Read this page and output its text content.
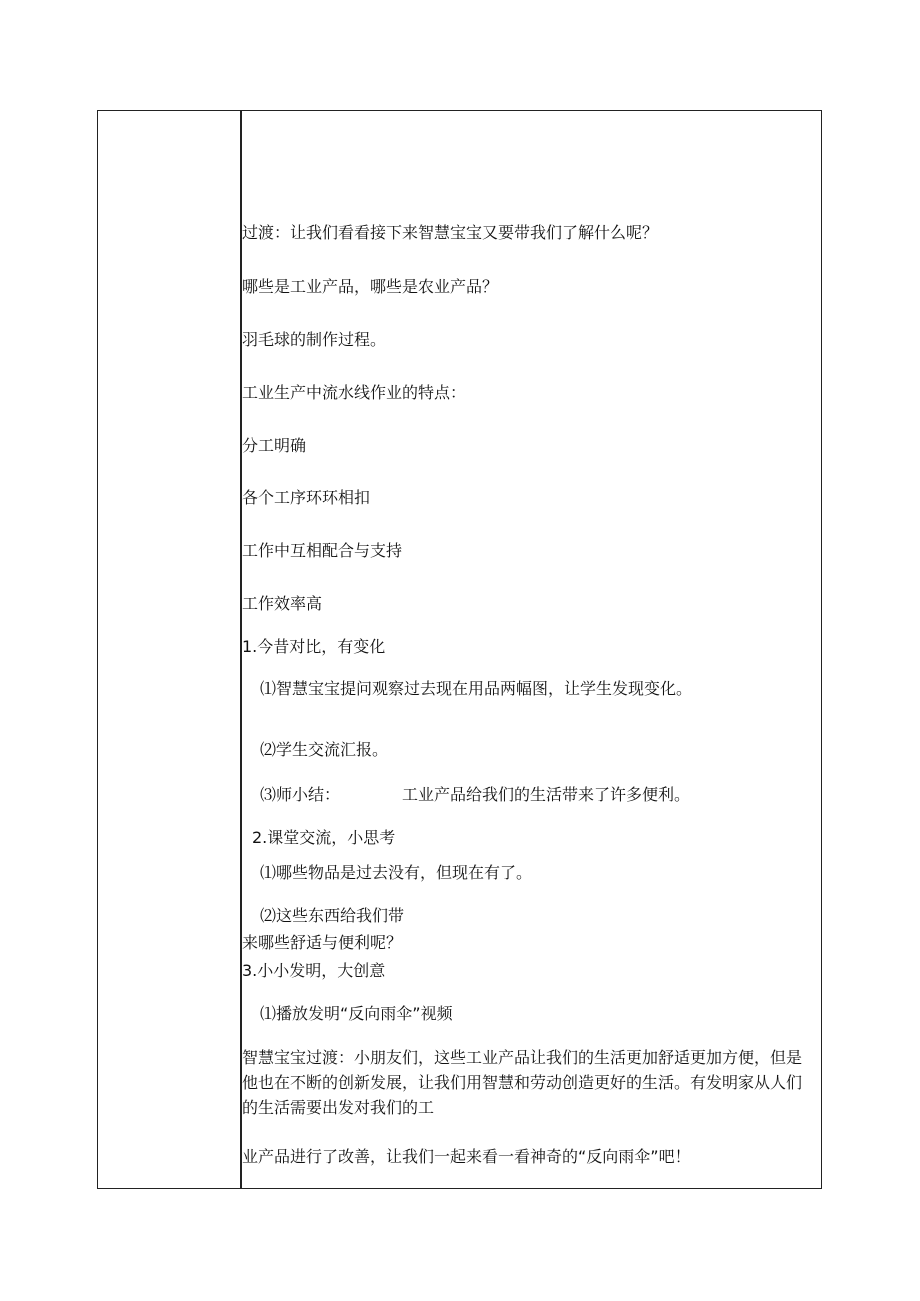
过渡：让我们看看接下来智慧宝宝又要带我们了解什么呢？
哪些是工业产品，哪些是农业产品？
羽毛球的制作过程。
工业生产中流水线作业的特点：
分工明确
各个工序环环相扣
工作中互相配合与支持
工作效率高
1.今昔对比，有变化
⑴智慧宝宝提问观察过去现在用品两幅图，让学生发现变化。
⑵学生交流汇报。
⑶师小结：	工业产品给我们的生活带来了许多便利。
2.课堂交流，小思考
⑴哪些物品是过去没有，但现在有了。
⑵这些东西给我们带
来哪些舒适与便利呢？
3.小小发明，大创意
⑴播放发明“反向雨伞”视频
智慧宝宝过渡：小朋友们，这些工业产品让我们的生活更加舒适更加方便，但是他也在不断的创新发展，让我们用智慧和劳动创造更好的生活。有发明家从人们的生活需要出发对我们的工
业产品进行了改善，让我们一起来看一看神奇的“反向雨伞”吧！
